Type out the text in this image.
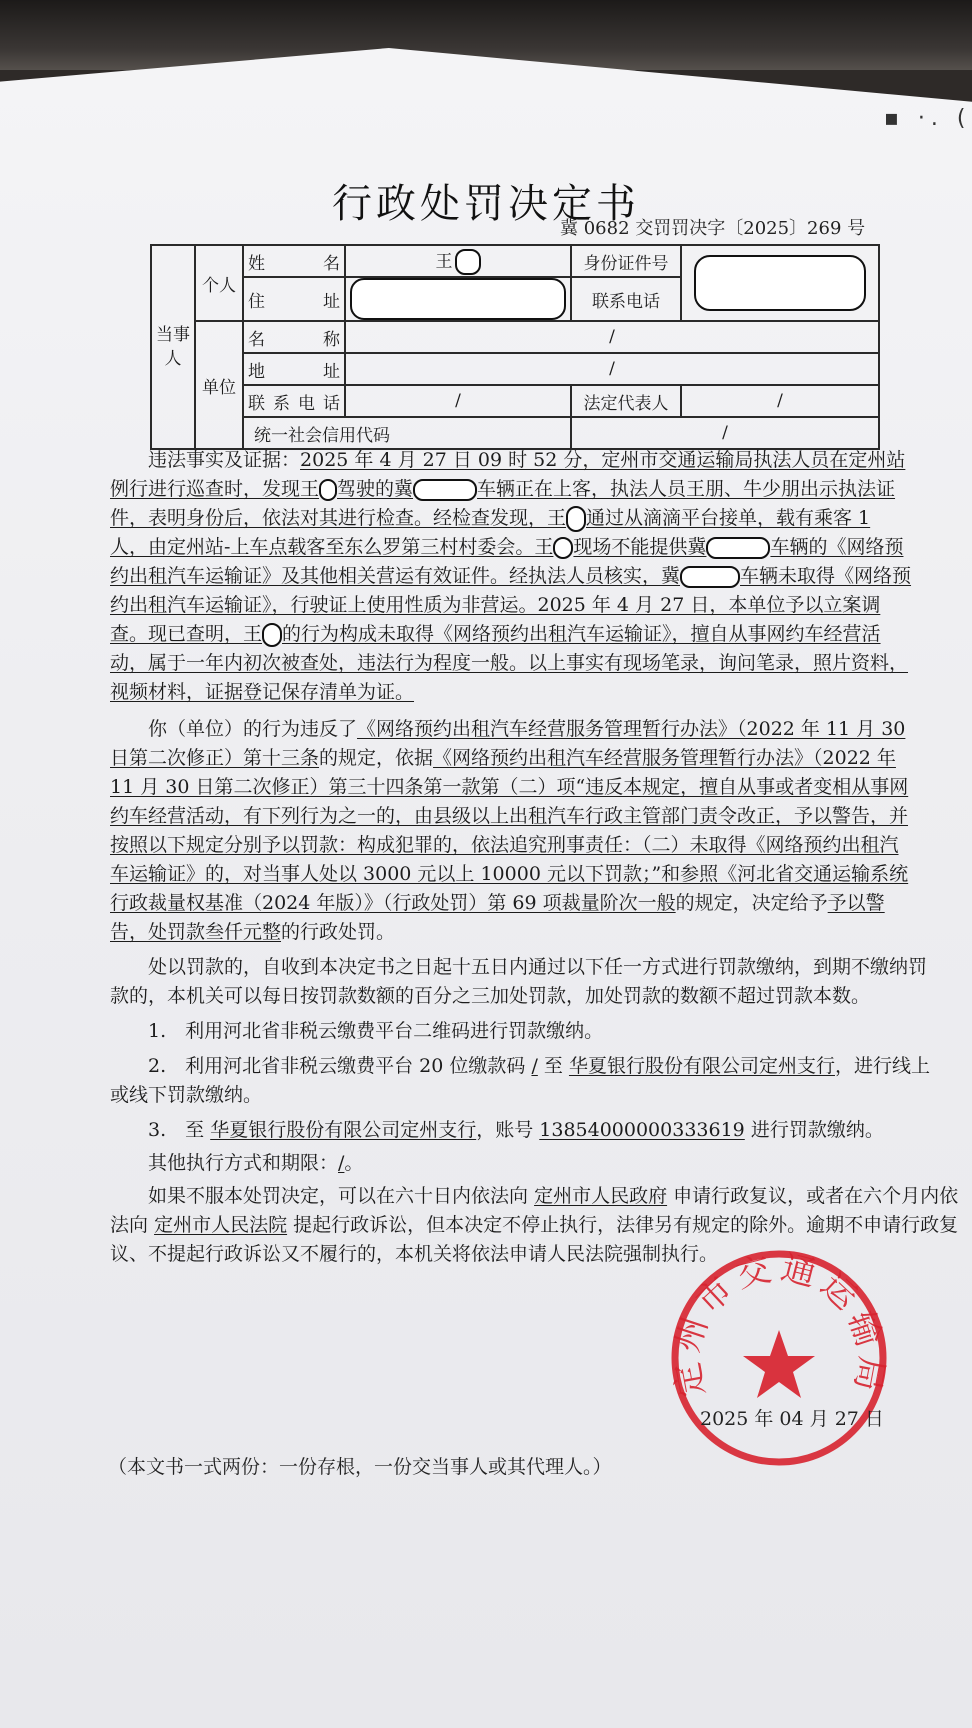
▪ ·. (
行政处罚决定书
冀 0682 交罚罚决字〔2025〕269 号
当事人	个人	姓　名	王	身份证件号	
		住　址		联系电话	
	单位	名　称	/		
		地　址	/		
		联系电话	/	法定代表人	/
		统一社会信用代码		/	

违法事实及证据：2025 年 4 月 27 日 09 时 52 分，定州市交通运输局执法人员在定州站例行进行巡查时，发现王 驾驶的冀	车辆正在上客，执法人员王朋、牛少朋出示执法证件，表明身份后，依法对其进行检查。经检查发现，王 通过从滴滴平台接单，载有乘客 1 人，由定州站-上车点载客至东么罗第三村村委会。王 现场不能提供冀	车辆的《网络预约出租汽车运输证》及其他相关营运有效证件。经执法人员核实，冀	车辆未取得《网络预约出租汽车运输证》，行驶证上使用性质为非营运。2025 年 4 月 27 日，本单位予以立案调查。现已查明，王 的行为构成未取得《网络预约出租汽车运输证》，擅自从事网约车经营活动，属于一年内初次被查处，违法行为程度一般。以上事实有现场笔录，询问笔录，照片资料，视频材料，证据登记保存清单为证。

你（单位）的行为违反了《网络预约出租汽车经营服务管理暂行办法》（2022 年 11 月 30 日第二次修正）第十三条的规定，依据《网络预约出租汽车经营服务管理暂行办法》（2022 年 11 月 30 日第二次修正）第三十四条第一款第（二）项“违反本规定，擅自从事或者变相从事网约车经营活动，有下列行为之一的，由县级以上出租汽车行政主管部门责令改正，予以警告，并按照以下规定分别予以罚款：构成犯罪的，依法追究刑事责任：（二）未取得《网络预约出租汽车运输证》的，对当事人处以 3000 元以上 10000 元以下罚款；”和参照《河北省交通运输系统行政裁量权基准（2024 年版）》（行政处罚）第 69 项裁量阶次一般的规定，决定给予予以警告，处罚款叁仟元整的行政处罚。

处以罚款的，自收到本决定书之日起十五日内通过以下任一方式进行罚款缴纳，到期不缴纳罚款的，本机关可以每日按罚款数额的百分之三加处罚款，加处罚款的数额不超过罚款本数。

1.　利用河北省非税云缴费平台二维码进行罚款缴纳。

2.　利用河北省非税云缴费平台 20 位缴款码 / 至 华夏银行股份有限公司定州支行，进行线上或线下罚款缴纳。

3.　至 华夏银行股份有限公司定州支行，账号 13854000000333619 进行罚款缴纳。

其他执行方式和期限：/。

如果不服本处罚决定，可以在六十日内依法向 定州市人民政府 申请行政复议，或者在六个月内依法向 定州市人民法院 提起行政诉讼，但本决定不停止执行，法律另有规定的除外。逾期不申请行政复议、不提起行政诉讼又不履行的，本机关将依法申请人民法院强制执行。

定州市交通运输局
2025 年 04 月 27 日
（本文书一式两份：一份存根，一份交当事人或其代理人。）
